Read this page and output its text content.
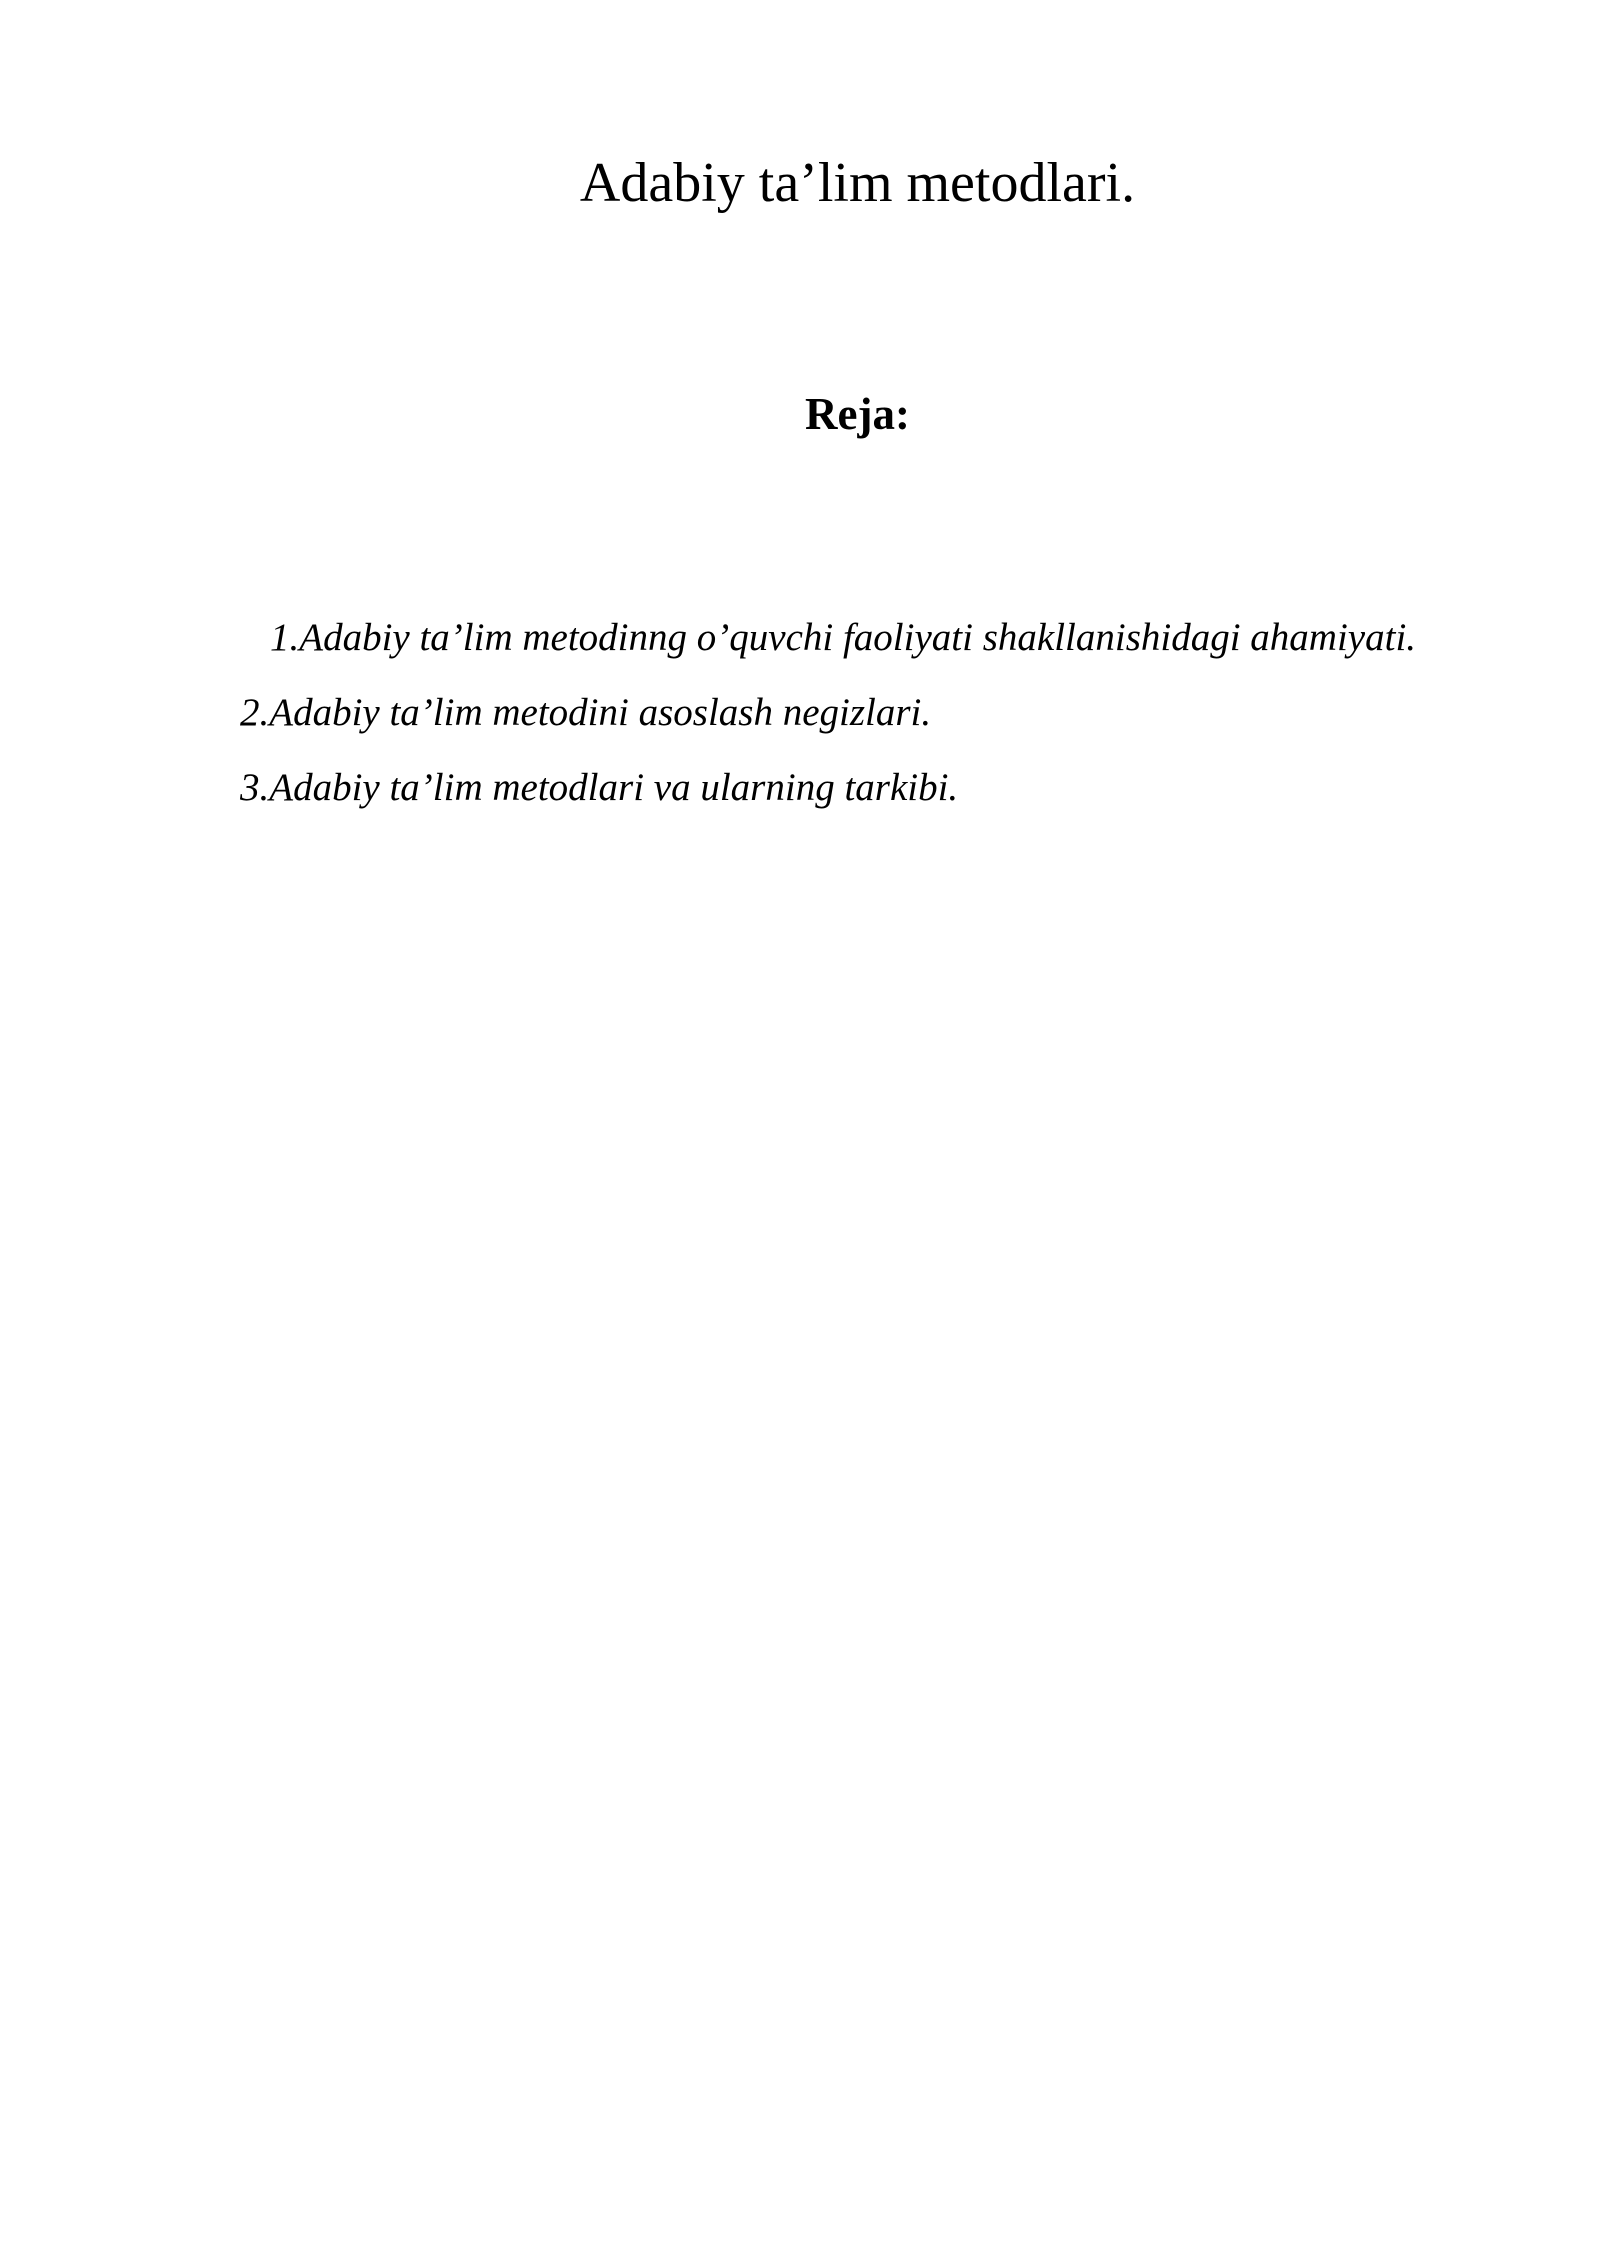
Adabiy ta’lim metodlari.
Reja:
1.Adabiy ta’lim metodinng o’quvchi faoliyati shakllanishidagi ahamiyati.
2.Adabiy ta’lim metodini asoslash negizlari.
3.Adabiy ta’lim metodlari va ularning tarkibi.
